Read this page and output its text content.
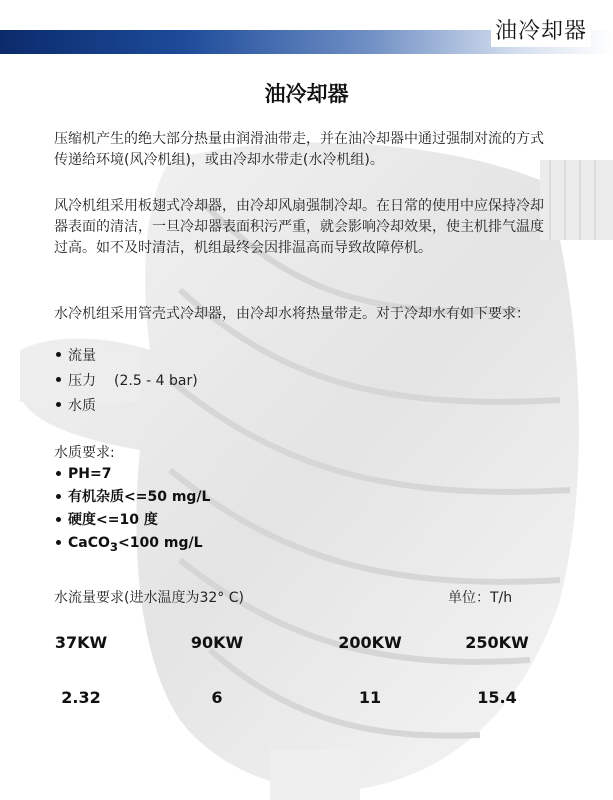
油冷却器
油冷却器
压缩机产生的绝大部分热量由润滑油带走，并在油冷却器中通过强制对流的方式传递给环境(风冷机组)，或由冷却水带走(水冷机组)。
风冷机组采用板翅式冷却器，由冷却风扇强制冷却。在日常的使用中应保持冷却器表面的清洁，一旦冷却器表面积污严重，就会影响冷却效果，使主机排气温度过高。如不及时清洁，机组最终会因排温高而导致故障停机。
水冷机组采用管壳式冷却器，由冷却水将热量带走。对于冷却水有如下要求：
流量
压力 (2.5 - 4 bar)
水质
水质要求:
PH=7
有机杂质<=50 mg/L
硬度<=10 度
CaCO$_3$<100 mg/L
水流量要求(进水温度为32° C)	单位：T/h
37KW	90KW	200KW	250KW
2.32	6	11	15.4
